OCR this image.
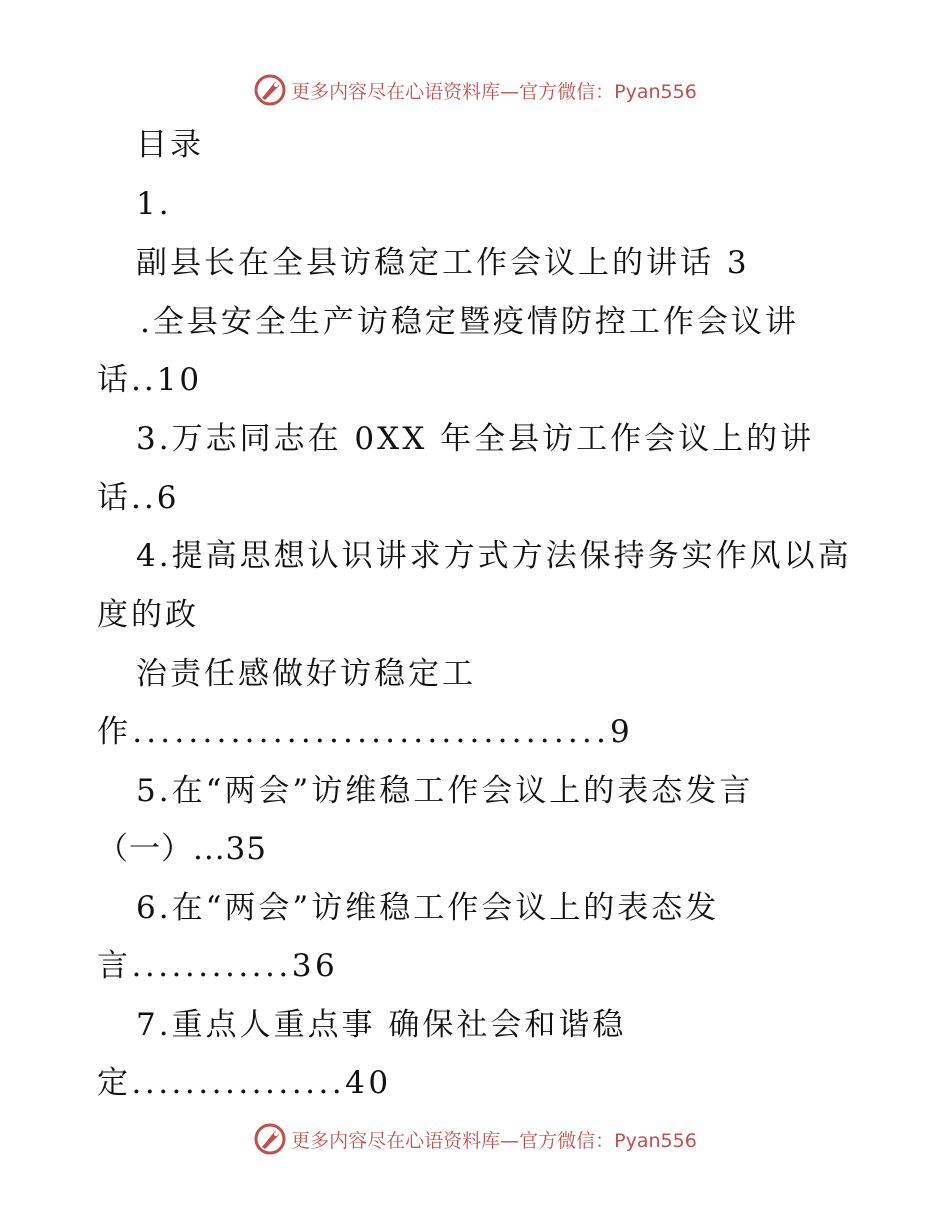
更多内容尽在心语资料库—官方微信：Pyan556
目录
1.
副县长在全县访稳定工作会议上的讲话 3
.全县安全生产访稳定暨疫情防控工作会议讲
话..10
3.万志同志在 0XX 年全县访工作会议上的讲
话..6
4.提高思想认识讲求方式方法保持务实作风以高
度的政
治责任感做好访稳定工
作..................................9
5.在“两会”访维稳工作会议上的表态发言
（一）...35
6.在“两会”访维稳工作会议上的表态发
言............36
7.重点人重点事 确保社会和谐稳
定................40
更多内容尽在心语资料库—官方微信：Pyan556
